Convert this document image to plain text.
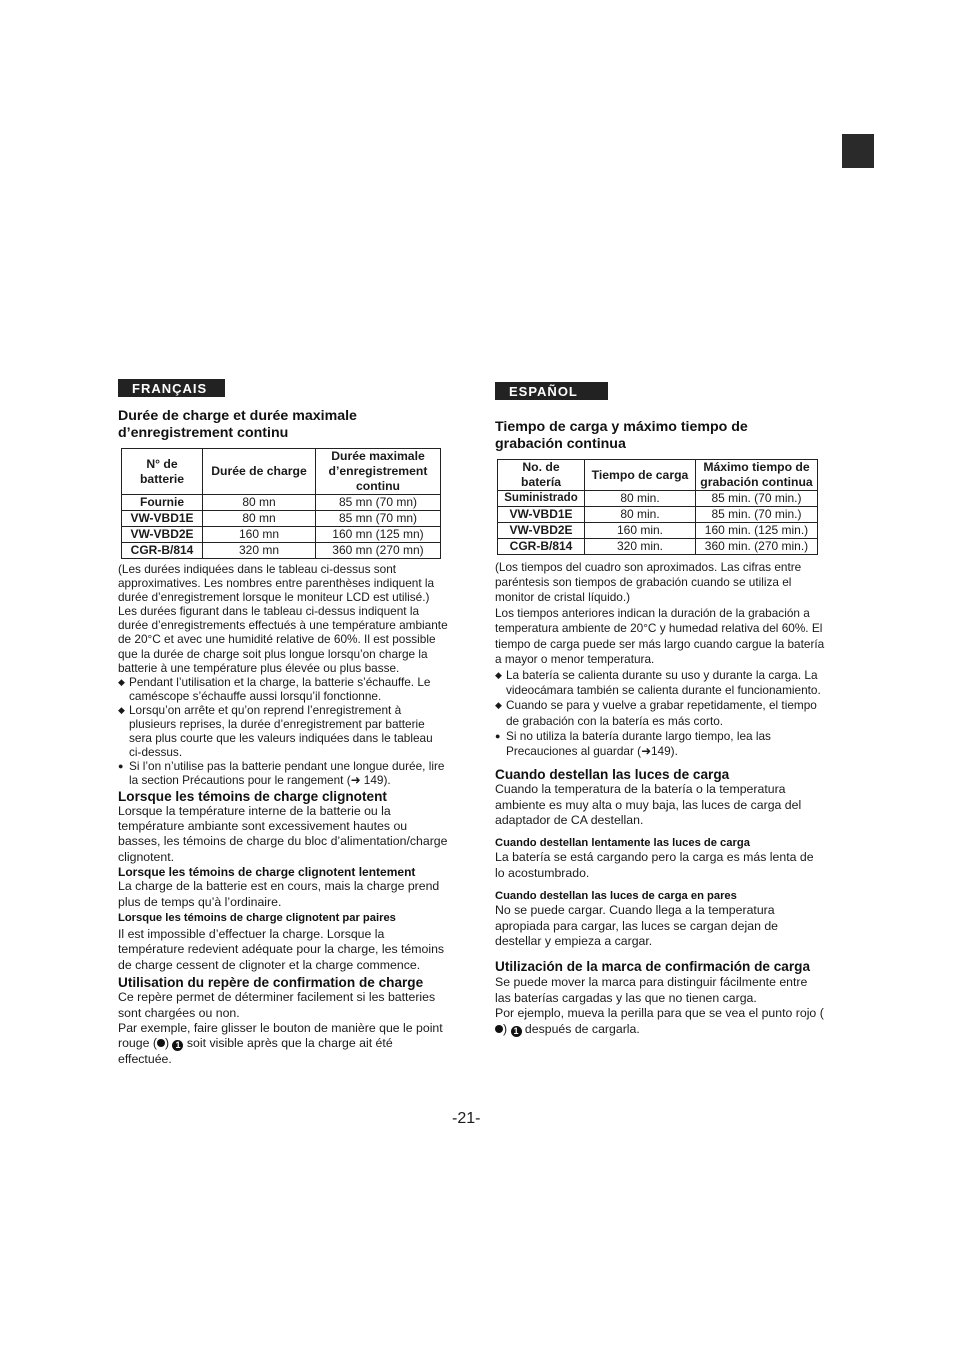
FRANÇAIS
Durée de charge et durée maximale d’enregistrement continu
N° de batterie	Durée de charge	Durée maximale d’enregistrement continu
Fournie	80 mn	85 mn (70 mn)
VW-VBD1E	80 mn	85 mn (70 mn)
VW-VBD2E	160 mn	160 mn (125 mn)
CGR-B/814	320 mn	360 mn (270 mn)

(Les durées indiquées dans le tableau ci-dessus sont approximatives. Les nombres entre parenthèses indiquent la durée d’enregistrement lorsque le moniteur LCD est utilisé.)

Les durées figurant dans le tableau ci-dessus indiquent la durée d’enregistrements effectués à une température ambiante de 20°C et avec une humidité relative de 60%. Il est possible que la durée de charge soit plus longue lorsqu’on charge la batterie à une température plus élevée ou plus basse.

◆ Pendant l’utilisation et la charge, la batterie s’échauffe. Le caméscope s’échauffe aussi lorsqu’il fonctionne.
◆ Lorsqu’on arrête et qu’on reprend l’enregistrement à plusieurs reprises, la durée d’enregistrement par batterie sera plus courte que les valeurs indiquées dans le tableau ci-dessus.
● Si l’on n’utilise pas la batterie pendant une longue durée, lire la section Précautions pour le rangement (➜ 149).
Lorsque les témoins de charge clignotent

Lorsque la température interne de la batterie ou la température ambiante sont excessivement hautes ou basses, les témoins de charge du bloc d’alimentation/charge clignotent.

Lorsque les témoins de charge clignotent lentement

La charge de la batterie est en cours, mais la charge prend plus de temps qu’à l’ordinaire.

Lorsque les témoins de charge clignotent par paires

Il est impossible d’effectuer la charge. Lorsque la température redevient adéquate pour la charge, les témoins de charge cessent de clignoter et la charge commence.

Utilisation du repère de confirmation de charge

Ce repère permet de déterminer facilement si les batteries sont chargées ou non.

Par exemple, faire glisser le bouton de manière que le point rouge ( ) 1 soit visible après que la charge ait été effectuée.

ESPAÑOL
Tiempo de carga y máximo tiempo de grabación continua
No. de batería	Tiempo de carga	Máximo tiempo de grabación continua
Suministrado	80 min.	85 min. (70 min.)
VW-VBD1E	80 min.	85 min. (70 min.)
VW-VBD2E	160 min.	160 min. (125 min.)
CGR-B/814	320 min.	360 min. (270 min.)

(Los tiempos del cuadro son aproximados. Las cifras entre paréntesis son tiempos de grabación cuando se utiliza el monitor de cristal líquido.)

Los tiempos anteriores indican la duración de la grabación a temperatura ambiente de 20°C y humedad relativa del 60%. El tiempo de carga puede ser más largo cuando cargue la batería a mayor o menor temperatura.

◆ La batería se calienta durante su uso y durante la carga. La videocámara también se calienta durante el funcionamiento.
◆ Cuando se para y vuelve a grabar repetidamente, el tiempo de grabación con la batería es más corto.
● Si no utiliza la batería durante largo tiempo, lea las Precauciones al guardar (➜149).
Cuando destellan las luces de carga

Cuando la temperatura de la batería o la temperatura ambiente es muy alta o muy baja, las luces de carga del adaptador de CA destellan.

Cuando destellan lentamente las luces de carga

La batería se está cargando pero la carga es más lenta de lo acostumbrado.

Cuando destellan las luces de carga en pares

No se puede cargar. Cuando llega a la temperatura apropiada para cargar, las luces se cargan dejan de destellar y empieza a cargar.

Utilización de la marca de confirmación de carga

Se puede mover la marca para distinguir fácilmente entre las baterías cargadas y las que no tienen carga.

Por ejemplo, mueva la perilla para que se vea el punto rojo () 1 después de cargarla.

-21-
